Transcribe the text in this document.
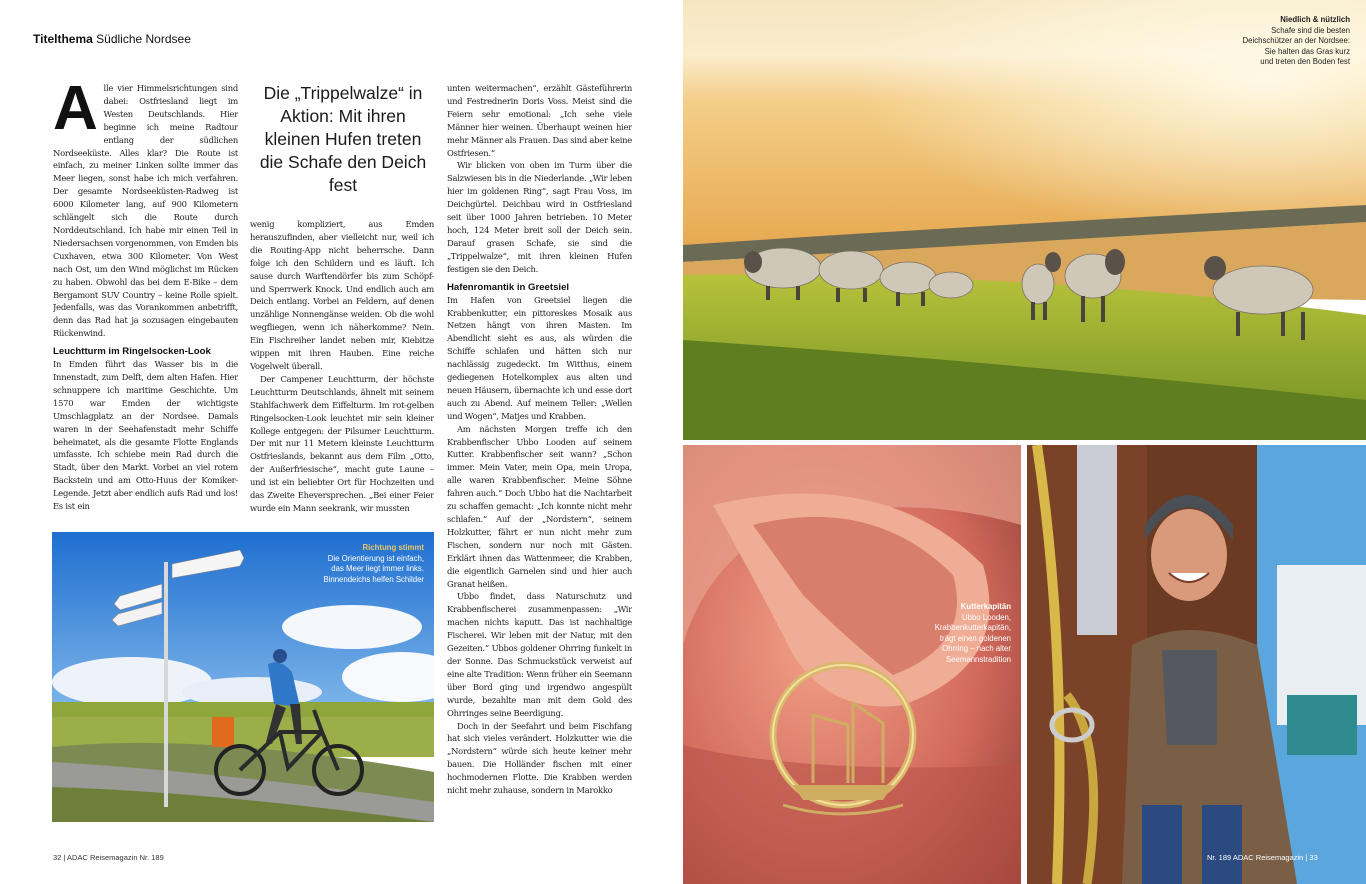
Titelthema Südliche Nordsee

Alle vier Himmelsrichtungen sind dabei: Ostfriesland liegt im Westen Deutschlands. Hier beginne ich meine Radtour entlang der südlichen Nordseeküste. Alles klar? Die Route ist einfach, zu meiner Linken sollte immer das Meer liegen, sonst habe ich mich verfahren. Der gesamte Nordseeküsten-Radweg ist 6000 Kilometer lang, auf 900 Kilometern schlängelt sich die Route durch Norddeutschland. Ich habe mir einen Teil in Niedersachsen vorgenommen, von Emden bis Cuxhaven, etwa 300 Kilometer. Von West nach Ost, um den Wind möglichst im Rücken zu haben. Obwohl das bei dem E-Bike – dem Bergamont SUV Country – keine Rolle spielt. Jedenfalls, was das Vorankommen anbetrifft, denn das Rad hat ja sozusagen eingebauten Rückenwind.

Leuchtturm im Ringelsocken-Look

In Emden führt das Wasser bis in die Innenstadt, zum Delft, dem alten Hafen. Hier schnuppere ich maritime Geschichte. Um 1570 war Emden der wichtigste Umschlagplatz an der Nordsee. Damals waren in der Seehafenstadt mehr Schiffe beheimatet, als die gesamte Flotte Englands umfasste. Ich schiebe mein Rad durch die Stadt, über den Markt. Vorbei an viel rotem Backstein und am Otto-Huus der Komiker-Legende. Jetzt aber endlich aufs Rad und los! Es ist ein

Die „Trippelwalze“ in Aktion: Mit ihren kleinen Hufen treten die Schafe den Deich fest

wenig kompliziert, aus Emden herauszufinden, aber vielleicht nur, weil ich die Routing-App nicht beherrsche. Dann folge ich den Schildern und es läuft. Ich sause durch Warftendörfer bis zum Schöpf- und Sperrwerk Knock. Und endlich auch am Deich entlang. Vorbei an Feldern, auf denen unzählige Nonnengänse weiden. Ob die wohl wegfliegen, wenn ich näherkomme? Nein. Ein Fischreiher landet neben mir, Kiebitze wippen mit ihren Hauben. Eine reiche Vogelwelt überall.

Der Campener Leuchtturm, der höchste Leuchtturm Deutschlands, ähnelt mit seinem Stahlfachwerk dem Eiffelturm. Im rot-gelben Ringelsocken-Look leuchtet mir sein kleiner Kollege entgegen: der Pilsumer Leuchtturm. Der mit nur 11 Metern kleinste Leuchtturm Ostfrieslands, bekannt aus dem Film „Otto, der Außerfriesische“, macht gute Laune – und ist ein beliebter Ort für Hochzeiten und das Zweite Eheversprechen. „Bei einer Feier wurde ein Mann seekrank, wir mussten

unten weitermachen“, erzählt Gästeführerin und Festrednerin Doris Voss. Meist sind die Feiern sehr emotional: „Ich sehe viele Männer hier weinen. Überhaupt weinen hier mehr Männer als Frauen. Das sind aber keine Ostfriesen.“

Wir blicken von oben im Turm über die Salzwiesen bis in die Niederlande. „Wir leben hier im goldenen Ring“, sagt Frau Voss, im Deichgürtel. Deichbau wird in Ostfriesland seit über 1000 Jahren betrieben. 10 Meter hoch, 124 Meter breit soll der Deich sein. Darauf grasen Schafe, sie sind die „Trippelwalze“, mit ihren kleinen Hufen festigen sie den Deich.

Hafenromantik in Greetsiel

Im Hafen von Greetsiel liegen die Krabbenkutter, ein pittoreskes Mosaik aus Netzen hängt von ihren Masten. Im Abendlicht sieht es aus, als würden die Schiffe schlafen und hätten sich nur nachlässig zugedeckt. Im Witthus, einem gediegenen Hotelkomplex aus alten und neuen Häusern, übernachte ich und esse dort auch zu Abend. Auf meinem Teller: „Wellen und Wogen“, Matjes und Krabben.

Am nächsten Morgen treffe ich den Krabbenfischer Ubbo Looden auf seinem Kutter. Krabbenfischer seit wann? „Schon immer. Mein Vater, mein Opa, mein Uropa, alle waren Krabbenfischer. Meine Söhne fahren auch.“ Doch Ubbo hat die Nachtarbeit zu schaffen gemacht: „Ich konnte nicht mehr schlafen.“ Auf der „Nordstern“, seinem Holzkutter, fährt er nun nicht mehr zum Fischen, sondern nur noch mit Gästen. Erklärt ihnen das Wattenmeer, die Krabben, die eigentlich Garnelen sind und hier auch Granat heißen.

Ubbo findet, dass Naturschutz und Krabbenfischerei zusammenpassen: „Wir machen nichts kaputt. Das ist nachhaltige Fischerei. Wir leben mit der Natur, mit den Gezeiten.“ Ubbos goldener Ohrring funkelt in der Sonne. Das Schmuckstück verweist auf eine alte Tradition: Wenn früher ein Seemann über Bord ging und irgendwo angespült wurde, bezahlte man mit dem Gold des Ohrringes seine Beerdigung.

Doch in der Seefahrt und beim Fischfang hat sich vieles verändert. Holzkutter wie die „Nordstern“ würde sich heute keiner mehr bauen. Die Holländer fischen mit einer hochmodernen Flotte. Die Krabben werden nicht mehr zuhause, sondern in Marokko

Richtung stimmt
Die Orientierung ist einfach,
das Meer liegt immer links.
Binnendeichs helfen Schilder
32 | ADAC Reisemagazin Nr. 189
Niedlich & nützlich
Schafe sind die besten
Deichschützer an der Nordsee:
Sie halten das Gras kurz
und treten den Boden fest
Kutterkapitän
Ubbo Looden,
Krabbenkutterkapitän,
trägt einen goldenen
Ohrring – nach alter
Seemannstradition
Nr. 189 ADAC Reisemagazin | 33
